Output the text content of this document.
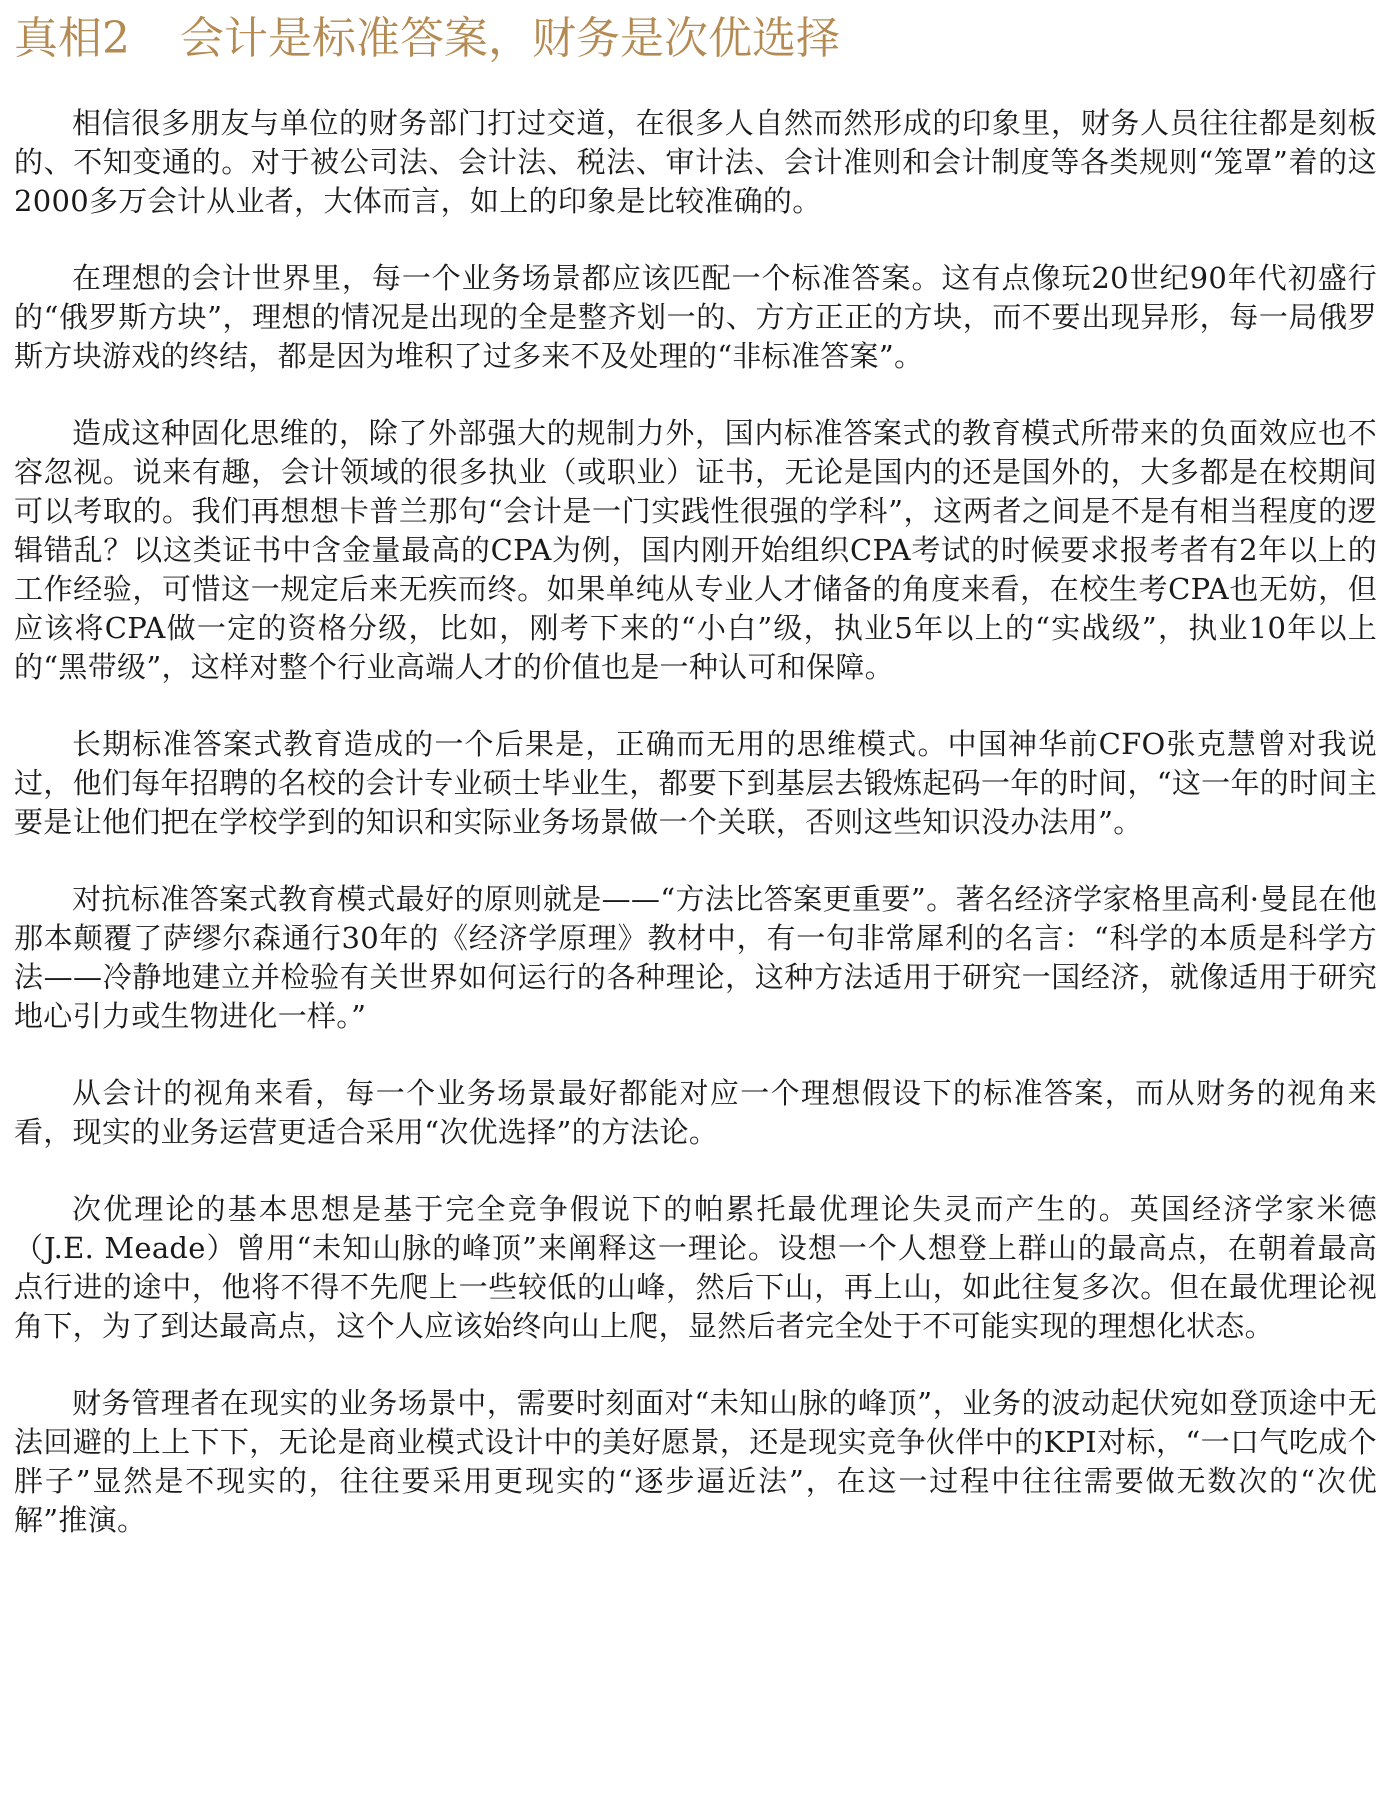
真相2 会计是标准答案，财务是次优选择

相信很多朋友与单位的财务部门打过交道，在很多人自然而然形成的印象里，财务人员往往都是刻板的、不知变通的。对于被公司法、会计法、税法、审计法、会计准则和会计制度等各类规则“笼罩”着的这2000多万会计从业者，大体而言，如上的印象是比较准确的。

在理想的会计世界里，每一个业务场景都应该匹配一个标准答案。这有点像玩20世纪90年代初盛行的“俄罗斯方块”，理想的情况是出现的全是整齐划一的、方方正正的方块，而不要出现异形，每一局俄罗斯方块游戏的终结，都是因为堆积了过多来不及处理的“非标准答案”。

造成这种固化思维的，除了外部强大的规制力外，国内标准答案式的教育模式所带来的负面效应也不容忽视。说来有趣，会计领域的很多执业（或职业）证书，无论是国内的还是国外的，大多都是在校期间可以考取的。我们再想想卡普兰那句“会计是一门实践性很强的学科”，这两者之间是不是有相当程度的逻辑错乱？以这类证书中含金量最高的CPA为例，国内刚开始组织CPA考试的时候要求报考者有2年以上的工作经验，可惜这一规定后来无疾而终。如果单纯从专业人才储备的角度来看，在校生考CPA也无妨，但应该将CPA做一定的资格分级，比如，刚考下来的“小白”级，执业5年以上的“实战级”，执业10年以上的“黑带级”，这样对整个行业高端人才的价值也是一种认可和保障。

长期标准答案式教育造成的一个后果是，正确而无用的思维模式。中国神华前CFO张克慧曾对我说过，他们每年招聘的名校的会计专业硕士毕业生，都要下到基层去锻炼起码一年的时间，“这一年的时间主要是让他们把在学校学到的知识和实际业务场景做一个关联，否则这些知识没办法用”。

对抗标准答案式教育模式最好的原则就是——“方法比答案更重要”。著名经济学家格里高利·曼昆在他那本颠覆了萨缪尔森通行30年的《经济学原理》教材中，有一句非常犀利的名言：“科学的本质是科学方法——冷静地建立并检验有关世界如何运行的各种理论，这种方法适用于研究一国经济，就像适用于研究地心引力或生物进化一样。”

从会计的视角来看，每一个业务场景最好都能对应一个理想假设下的标准答案，而从财务的视角来看，现实的业务运营更适合采用“次优选择”的方法论。

次优理论的基本思想是基于完全竞争假说下的帕累托最优理论失灵而产生的。英国经济学家米德（J.E. Meade）曾用“未知山脉的峰顶”来阐释这一理论。设想一个人想登上群山的最高点，在朝着最高点行进的途中，他将不得不先爬上一些较低的山峰，然后下山，再上山，如此往复多次。但在最优理论视角下，为了到达最高点，这个人应该始终向山上爬，显然后者完全处于不可能实现的理想化状态。

财务管理者在现实的业务场景中，需要时刻面对“未知山脉的峰顶”，业务的波动起伏宛如登顶途中无法回避的上上下下，无论是商业模式设计中的美好愿景，还是现实竞争伙伴中的KPI对标，“一口气吃成个胖子”显然是不现实的，往往要采用更现实的“逐步逼近法”，在这一过程中往往需要做无数次的“次优解”推演。
